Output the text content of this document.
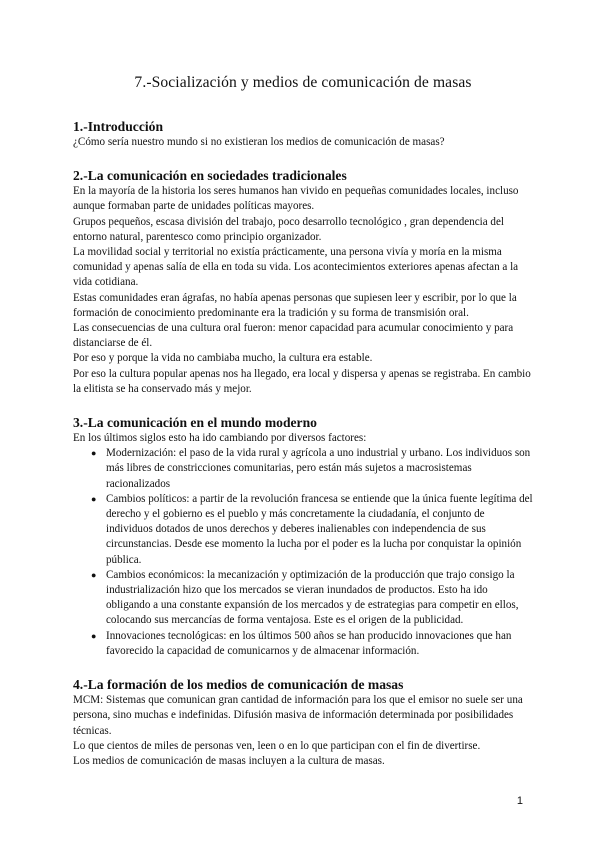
7.-Socialización y medios de comunicación de masas
1.-Introducción

¿Cómo sería nuestro mundo si no existieran los medios de comunicación de masas?

2.-La comunicación en sociedades tradicionales

En la mayoría de la historia los seres humanos han vivido en pequeñas comunidades locales, incluso aunque formaban parte de unidades políticas mayores.

Grupos pequeños, escasa división del trabajo, poco desarrollo tecnológico , gran dependencia del entorno natural, parentesco como principio organizador.

La movilidad social y territorial no existía prácticamente, una persona vivía y moría en la misma comunidad y apenas salía de ella en toda su vida. Los acontecimientos exteriores apenas afectan a la vida cotidiana.

Estas comunidades eran ágrafas, no había apenas personas que supiesen leer y escribir, por lo que la formación de conocimiento predominante era la tradición y su forma de transmisión oral.

Las consecuencias de una cultura oral fueron: menor capacidad para acumular conocimiento y para distanciarse de él.

Por eso y porque la vida no cambiaba mucho, la cultura era estable.

Por eso la cultura popular apenas nos ha llegado, era local y dispersa y apenas se registraba. En cambio la elitista se ha conservado más y mejor.

3.-La comunicación en el mundo moderno

En los últimos siglos esto ha ido cambiando por diversos factores:

● Modernización: el paso de la vida rural y agrícola a uno industrial y urbano. Los individuos son más libres de constricciones comunitarias, pero están más sujetos a macrosistemas racionalizados
● Cambios políticos: a partir de la revolución francesa se entiende que la única fuente legítima del derecho y el gobierno es el pueblo y más concretamente la ciudadanía, el conjunto de individuos dotados de unos derechos y deberes inalienables con independencia de sus circunstancias. Desde ese momento la lucha por el poder es la lucha por conquistar la opinión pública.
● Cambios económicos: la mecanización y optimización de la producción que trajo consigo la industrialización hizo que los mercados se vieran inundados de productos. Esto ha ido obligando a una constante expansión de los mercados y de estrategias para competir en ellos, colocando sus mercancías de forma ventajosa. Este es el origen de la publicidad.
● Innovaciones tecnológicas: en los últimos 500 años se han producido innovaciones que han favorecido la capacidad de comunicarnos y de almacenar información.
4.-La formación de los medios de comunicación de masas

MCM: Sistemas que comunican gran cantidad de información para los que el emisor no suele ser una persona, sino muchas e indefinidas. Difusión masiva de información determinada por posibilidades técnicas.

Lo que cientos de miles de personas ven, leen o en lo que participan con el fin de divertirse.

Los medios de comunicación de masas incluyen a la cultura de masas.

1
